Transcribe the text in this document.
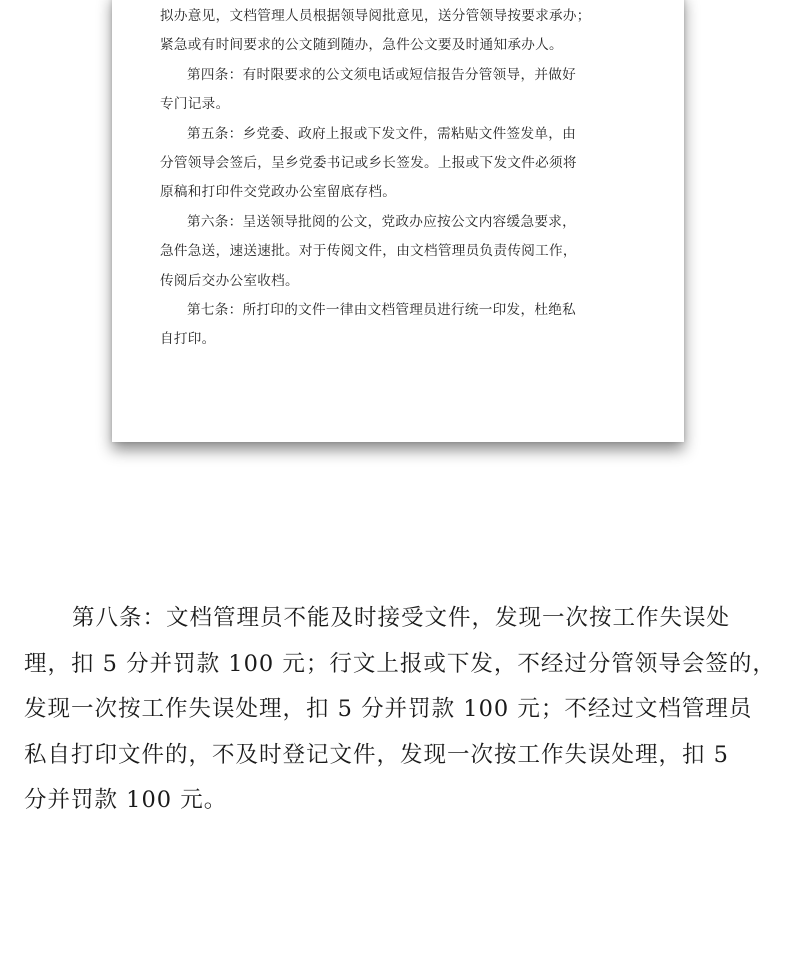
拟办意见，文档管理人员根据领导阅批意见，送分管领导按要求承办；

紧急或有时间要求的公文随到随办，急件公文要及时通知承办人。

第四条：有时限要求的公文须电话或短信报告分管领导，并做好

专门记录。

第五条：乡党委、政府上报或下发文件，需粘贴文件签发单，由

分管领导会签后，呈乡党委书记或乡长签发。上报或下发文件必须将

原稿和打印件交党政办公室留底存档。

第六条：呈送领导批阅的公文，党政办应按公文内容缓急要求，

急件急送，速送速批。对于传阅文件，由文档管理员负责传阅工作，

传阅后交办公室收档。

第七条：所打印的文件一律由文档管理员进行统一印发，杜绝私

自打印。

第八条：文档管理员不能及时接受文件，发现一次按工作失误处

理，扣 5 分并罚款 100 元；行文上报或下发，不经过分管领导会签的，

发现一次按工作失误处理，扣 5 分并罚款 100 元；不经过文档管理员

私自打印文件的，不及时登记文件，发现一次按工作失误处理，扣 5

分并罚款 100 元。
